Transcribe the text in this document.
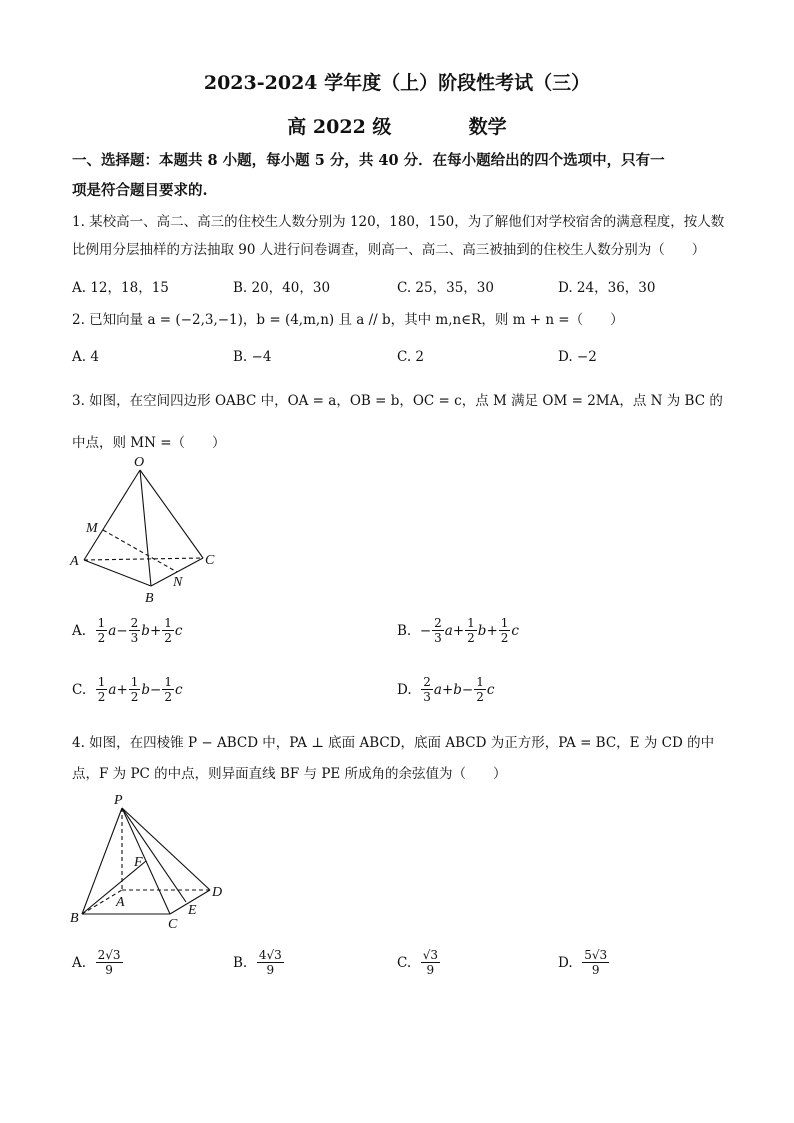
2023-2024 学年度（上）阶段性考试（三）
高 2022 级	数学
一、选择题：本题共 8 小题，每小题 5 分，共 40 分．在每小题给出的四个选项中，只有一
项是符合题目要求的.
1. 某校高一、高二、高三的住校生人数分别为 120，180，150，为了解他们对学校宿舍的满意程度，按人数
比例用分层抽样的方法抽取 90 人进行问卷调查，则高一、高二、高三被抽到的住校生人数分别为（　　）
A. 12，18，15	B. 20，40，30	C. 25，35，30	D. 24，36，30
2. 已知向量 a = (−2,3,−1)，b = (4,m,n) 且 a // b，其中 m,n∈R，则 m + n =（　　）
A. 4	B. −4	C. 2	D. −2
3. 如图，在空间四边形 OABC 中，OA = a，OB = b，OC = c，点 M 满足 OM = 2MA，点 N 为 BC 的
中点，则 MN =（　　）
O
M
A	C
N
B
A.
$\frac{1}{2}$ $a - \frac{2}{3}$ $b + \frac{1}{2}$ c	B.
− $\frac{2}{3}$ $a + \frac{1}{2}$ $b + \frac{1}{2}$ c
C.
$\frac{1}{2}$ $a + \frac{1}{2}$ $b - \frac{1}{2}$ c	D.
$\frac{2}{3}$ $a + b - \frac{1}{2}$ c
4. 如图，在四棱锥 P − ABCD 中，PA ⊥ 底面 ABCD，底面 ABCD 为正方形，PA = BC，E 为 CD 的中
点，F 为 PC 的中点，则异面直线 BF 与 PE 所成角的余弦值为（　　）
P
F
A
D
B
E
C
A.
$\frac{2√3}{9}$	B.
$\frac{4√3}{9}$	C.
$\frac{√3}{9}$	D.
$\frac{5√3}{9}$
